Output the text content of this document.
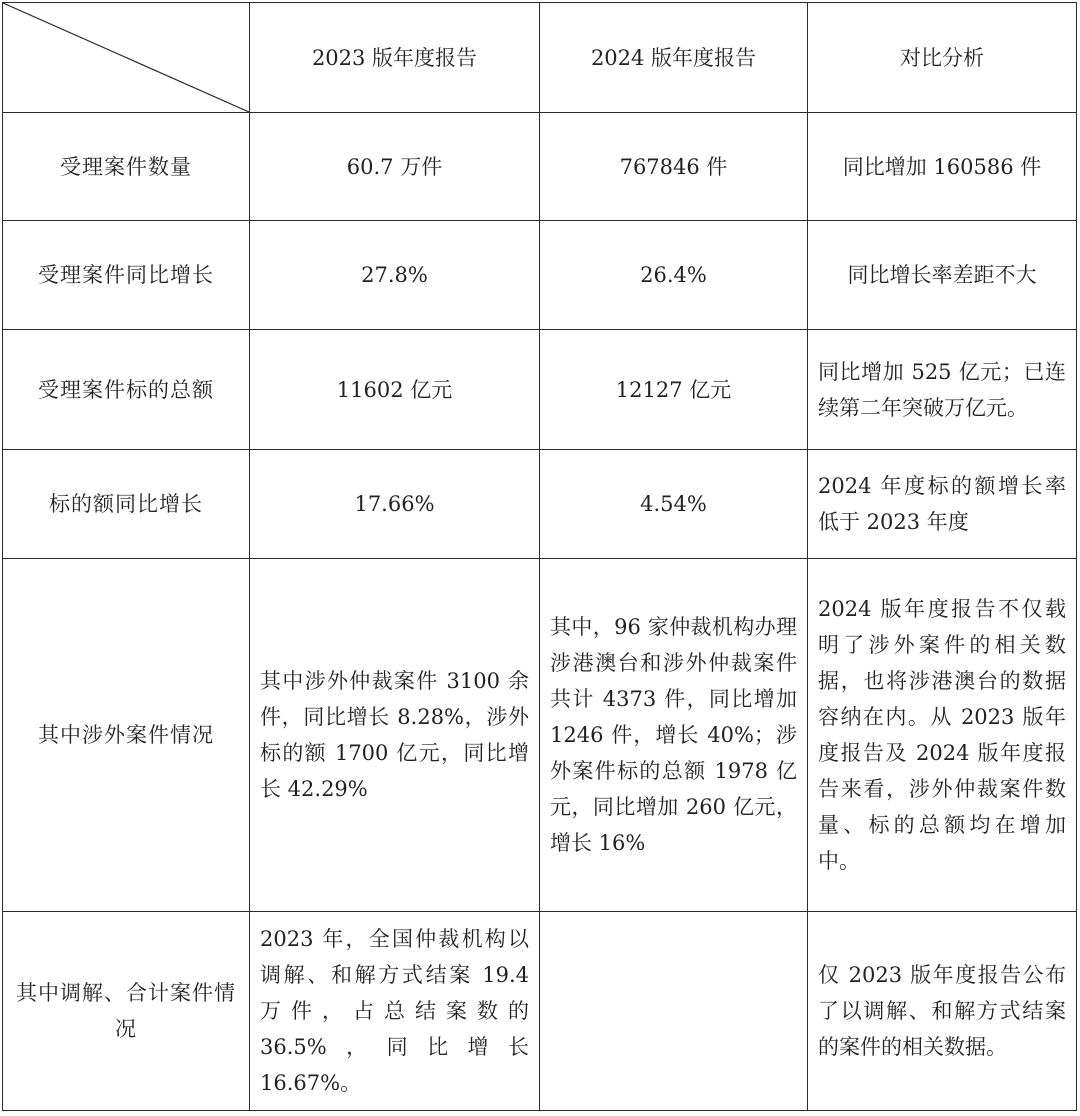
	2023 版年度报告	2024 版年度报告	对比分析
受理案件数量	60.7 万件	767846 件	同比增加 160586 件
受理案件同比增长	27.8%	26.4%	同比增长率差距不大
受理案件标的总额	11602 亿元	12127 亿元	同比增加 525 亿元；已连续第二年突破万亿元。
标的额同比增长	17.66%	4.54%	2024 年度标的额增长率低于 2023 年度
其中涉外案件情况	其中涉外仲裁案件 3100 余件，同比增长 8.28%，涉外标的额 1700 亿元，同比增长 42.29%	其中，96 家仲裁机构办理涉港澳台和涉外仲裁案件共计 4373 件，同比增加 1246 件，增长 40%；涉外案件标的总额 1978 亿元，同比增加 260 亿元，增长 16%	2024 版年度报告不仅载明了涉外案件的相关数据，也将涉港澳台的数据容纳在内。从 2023 版年度报告及 2024 版年度报告来看，涉外仲裁案件数量、标的总额均在增加中。
其中调解、合计案件情况	2023 年，全国仲裁机构以调解、和解方式结案 19.4 万件，占总结案数的 36.5%，同比增长 16.67%。		仅 2023 版年度报告公布了以调解、和解方式结案的案件的相关数据。
